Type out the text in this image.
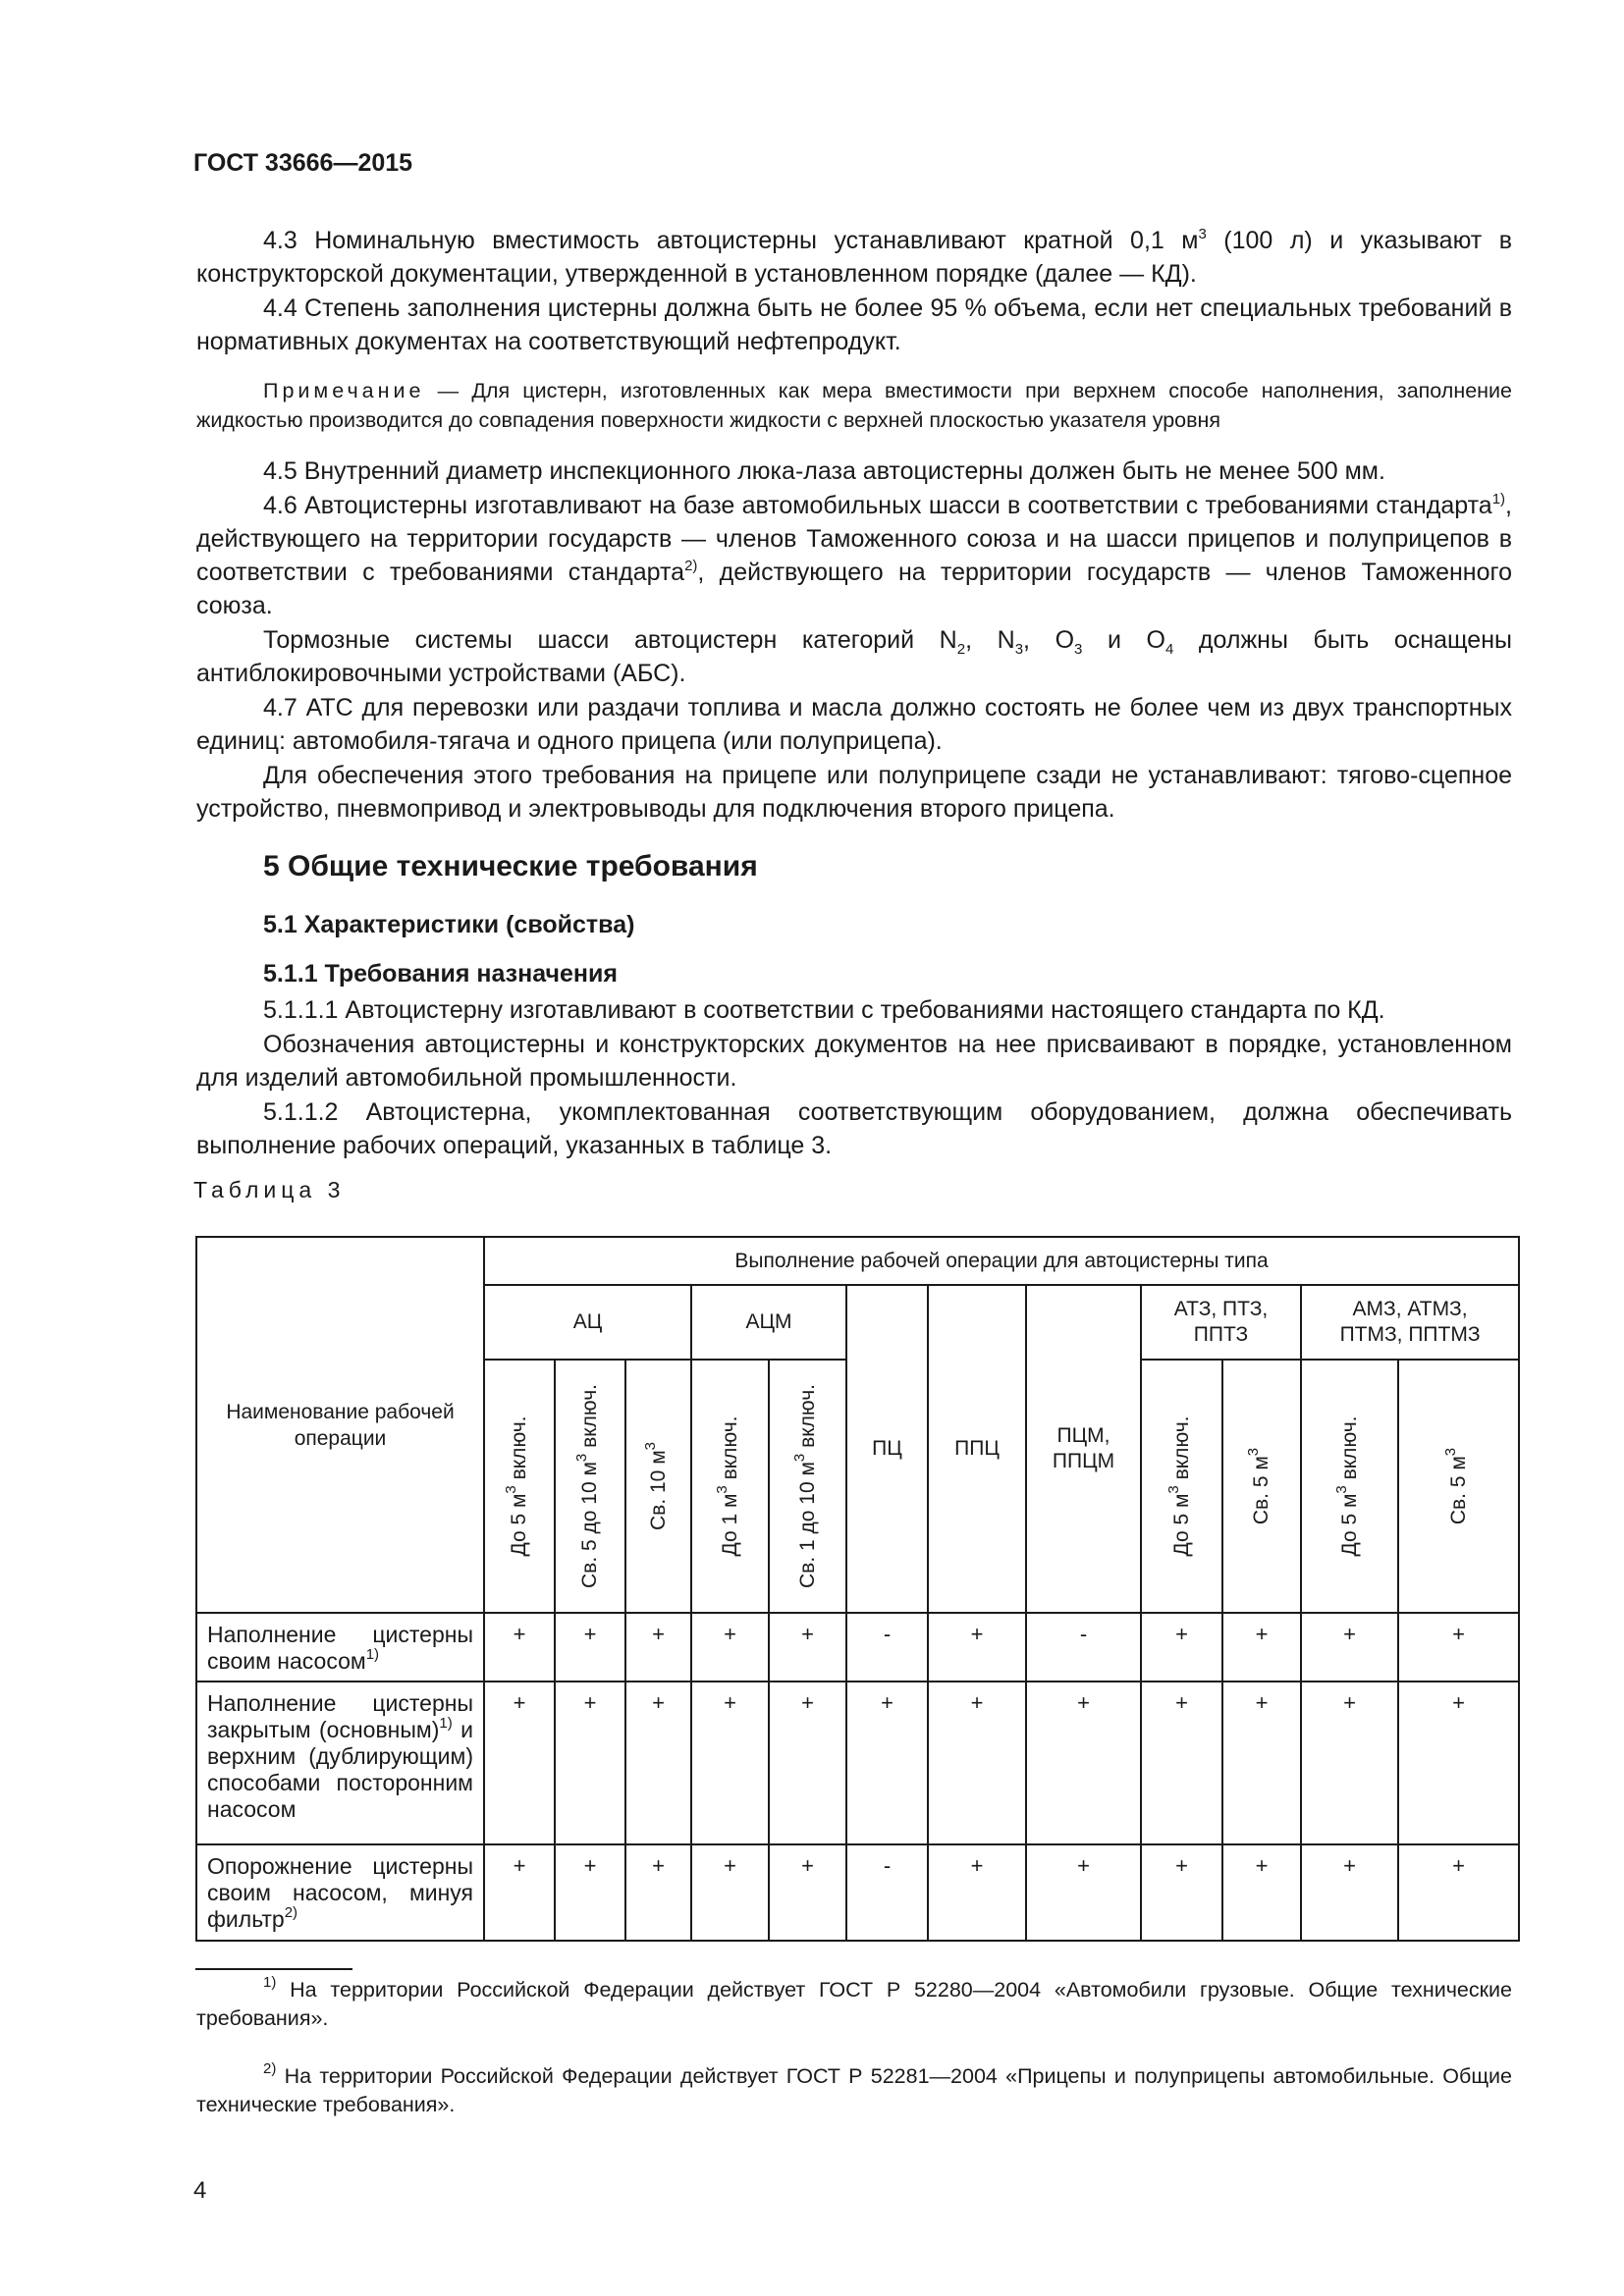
ГОСТ 33666—2015

4.3 Номинальную вместимость автоцистерны устанавливают кратной 0,1 $м^3$ (100 л) и указывают в конструкторской документации, утвержденной в установленном порядке (далее — КД).

4.4 Степень заполнения цистерны должна быть не более 95 % объема, если нет специальных требований в нормативных документах на соответствующий нефтепродукт.

Примечание — Для цистерн, изготовленных как мера вместимости при верхнем способе наполнения, заполнение жидкостью производится до совпадения поверхности жидкости с верхней плоскостью указателя уровня

4.5 Внутренний диаметр инспекционного люка-лаза автоцистерны должен быть не менее 500 мм.

4.6 Автоцистерны изготавливают на базе автомобильных шасси в соответствии с требованиями стандарта$^{1)}$, действующего на территории государств — членов Таможенного союза и на шасси прицепов и полуприцепов в соответствии с требованиями стандарта$^{2)}$, действующего на территории государств — членов Таможенного союза.

Тормозные системы шасси автоцистерн категорий $N_2$, $N_3$, $O_3$ и $O_4$ должны быть оснащены антиблокировочными устройствами (АБС).

4.7 АТС для перевозки или раздачи топлива и масла должно состоять не более чем из двух транспортных единиц: автомобиля-тягача и одного прицепа (или полуприцепа).

Для обеспечения этого требования на прицепе или полуприцепе сзади не устанавливают: тягово-сцепное устройство, пневмопривод и электровыводы для подключения второго прицепа.

5 Общие технические требования
5.1 Характеристики (свойства)
5.1.1 Требования назначения

5.1.1.1 Автоцистерну изготавливают в соответствии с требованиями настоящего стандарта по КД.

Обозначения автоцистерны и конструкторских документов на нее присваивают в порядке, установленном для изделий автомобильной промышленности.

5.1.1.2 Автоцистерна, укомплектованная соответствующим оборудованием, должна обеспечивать выполнение рабочих операций, указанных в таблице 3.

Таблица 3
Наименование рабочей операции	Выполнение рабочей операции для автоцистерны типа											
	АЦ			АЦМ		ПЦ	ППЦ	ПЦМ, ППЦМ	АТЗ, ПТЗ, ППТЗ		АМЗ, АТМЗ, ПТМЗ, ППТМЗ	

	До 5 $м^3$ включ.	Св. 5 до 10 $м^3$ включ.	Св. 10 $м^3$	До 1 $м^3$ включ.	Св. 1 до 10 $м^3$ включ.				До 5 $м^3$ включ.	Св. 5 $м^3$	До 5 $м^3$ включ.	Св. 5 $м^3$

Наполнение цистерны своим насосом$^{1)}$	+	+	+	+	+	-	+	-	+	+	+	+
Наполнение цистерны закрытым (основным)$^{1)}$ и верхним (дублирующим) способами посторонним насосом	+	+	+	+	+	+	+	+	+	+	+	+
Опорожнение цистерны своим насосом, минуя фильтр$^{2)}$	+	+	+	+	+	-	+	+	+	+	+	+
$^{1)}$ На территории Российской Федерации действует ГОСТ Р 52280—2004 «Автомобили грузовые. Общие технические требования».
$^{2)}$ На территории Российской Федерации действует ГОСТ Р 52281—2004 «Прицепы и полуприцепы автомобильные. Общие технические требования».
4
